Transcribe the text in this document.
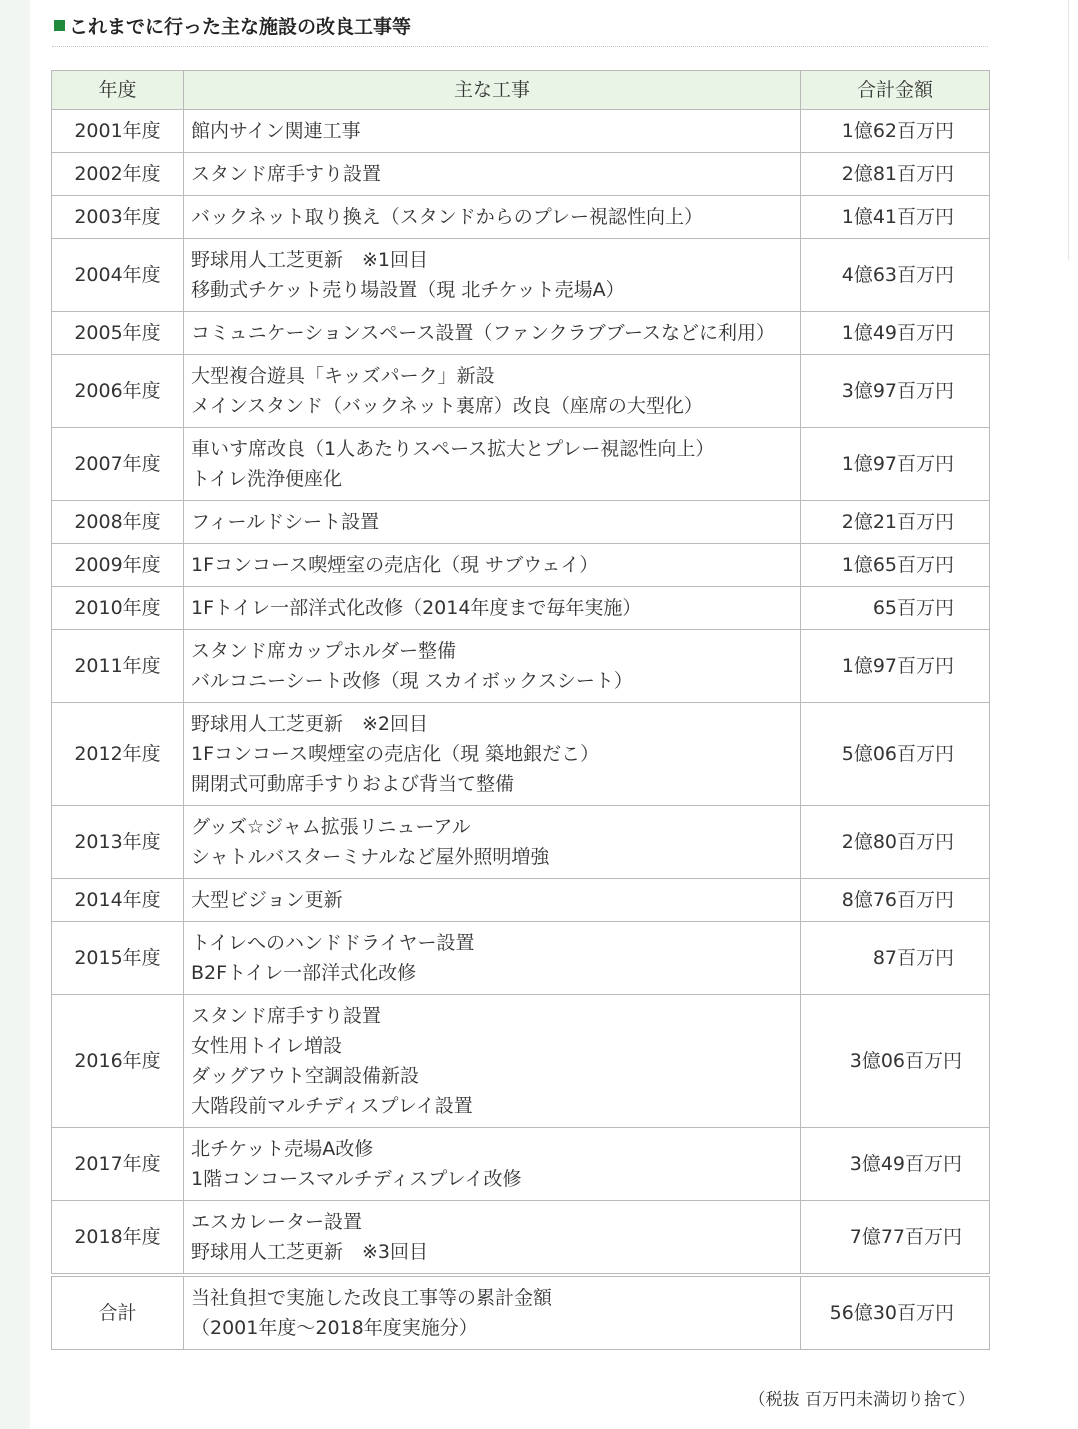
これまでに行った主な施設の改良工事等
年度	主な工事	合計金額
2001年度	館内サイン関連工事	1億62百万円
2002年度	スタンド席手すり設置	2億81百万円
2003年度	バックネット取り換え（スタンドからのプレー視認性向上）	1億41百万円
2004年度	野球用人工芝更新　※1回目
移動式チケット売り場設置（現 北チケット売場A）	4億63百万円
2005年度	コミュニケーションスペース設置（ファンクラブブースなどに利用）	1億49百万円
2006年度	大型複合遊具「キッズパーク」新設
メインスタンド（バックネット裏席）改良（座席の大型化）	3億97百万円
2007年度	車いす席改良（1人あたりスペース拡大とプレー視認性向上）
トイレ洗浄便座化	1億97百万円
2008年度	フィールドシート設置	2億21百万円
2009年度	1Fコンコース喫煙室の売店化（現 サブウェイ）	1億65百万円
2010年度	1Fトイレ一部洋式化改修（2014年度まで毎年実施）	65百万円
2011年度	スタンド席カップホルダー整備
バルコニーシート改修（現 スカイボックスシート）	1億97百万円
2012年度	野球用人工芝更新　※2回目
1Fコンコース喫煙室の売店化（現 築地銀だこ）
開閉式可動席手すりおよび背当て整備	5億06百万円
2013年度	グッズ☆ジャム拡張リニューアル
シャトルバスターミナルなど屋外照明増強	2億80百万円
2014年度	大型ビジョン更新	8億76百万円
2015年度	トイレへのハンドドライヤー設置
B2Fトイレ一部洋式化改修	87百万円
2016年度	スタンド席手すり設置
女性用トイレ増設
ダッグアウト空調設備新設
大階段前マルチディスプレイ設置	3億06百万円
2017年度	北チケット売場A改修
1階コンコースマルチディスプレイ改修	3億49百万円
2018年度	エスカレーター設置
野球用人工芝更新　※3回目	7億77百万円
合計	当社負担で実施した改良工事等の累計金額
（2001年度～2018年度実施分）	56億30百万円
（税抜 百万円未満切り捨て）
